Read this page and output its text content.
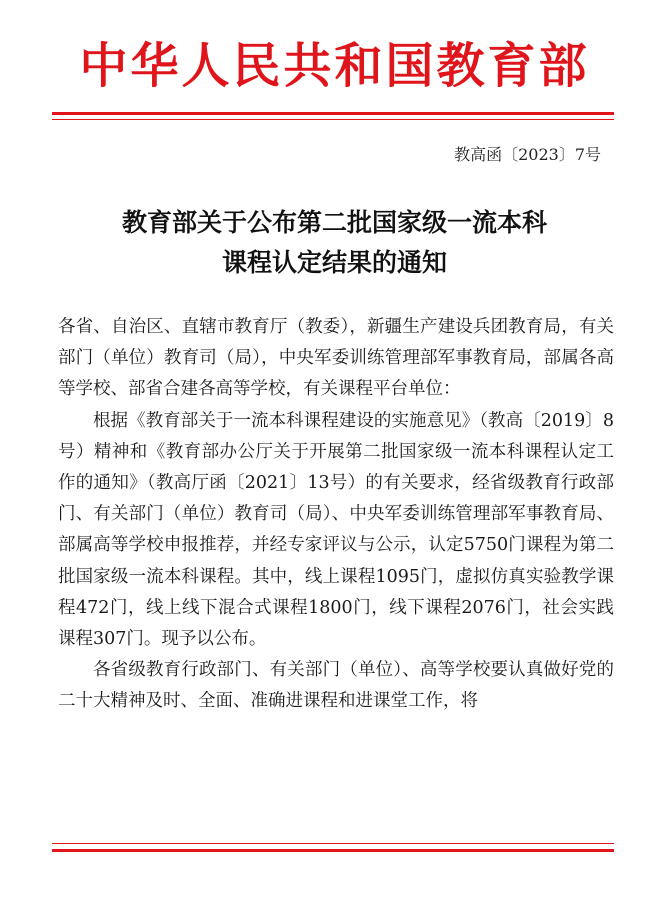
中华人民共和国教育部
教高函〔2023〕7号
教育部关于公布第二批国家级一流本科
课程认定结果的通知

各省、自治区、直辖市教育厅（教委），新疆生产建设兵团教育局，有关部门（单位）教育司（局），中央军委训练管理部军事教育局，部属各高等学校、部省合建各高等学校，有关课程平台单位：

根据《教育部关于一流本科课程建设的实施意见》（教高〔2019〕8号）精神和《教育部办公厅关于开展第二批国家级一流本科课程认定工作的通知》（教高厅函〔2021〕13号）的有关要求，经省级教育行政部门、有关部门（单位）教育司（局）、中央军委训练管理部军事教育局、部属高等学校申报推荐，并经专家评议与公示，认定5750门课程为第二批国家级一流本科课程。其中，线上课程1095门，虚拟仿真实验教学课程472门，线上线下混合式课程1800门，线下课程2076门，社会实践课程307门。现予以公布。

各省级教育行政部门、有关部门（单位）、高等学校要认真做好党的二十大精神及时、全面、准确进课程和进课堂工作，将
